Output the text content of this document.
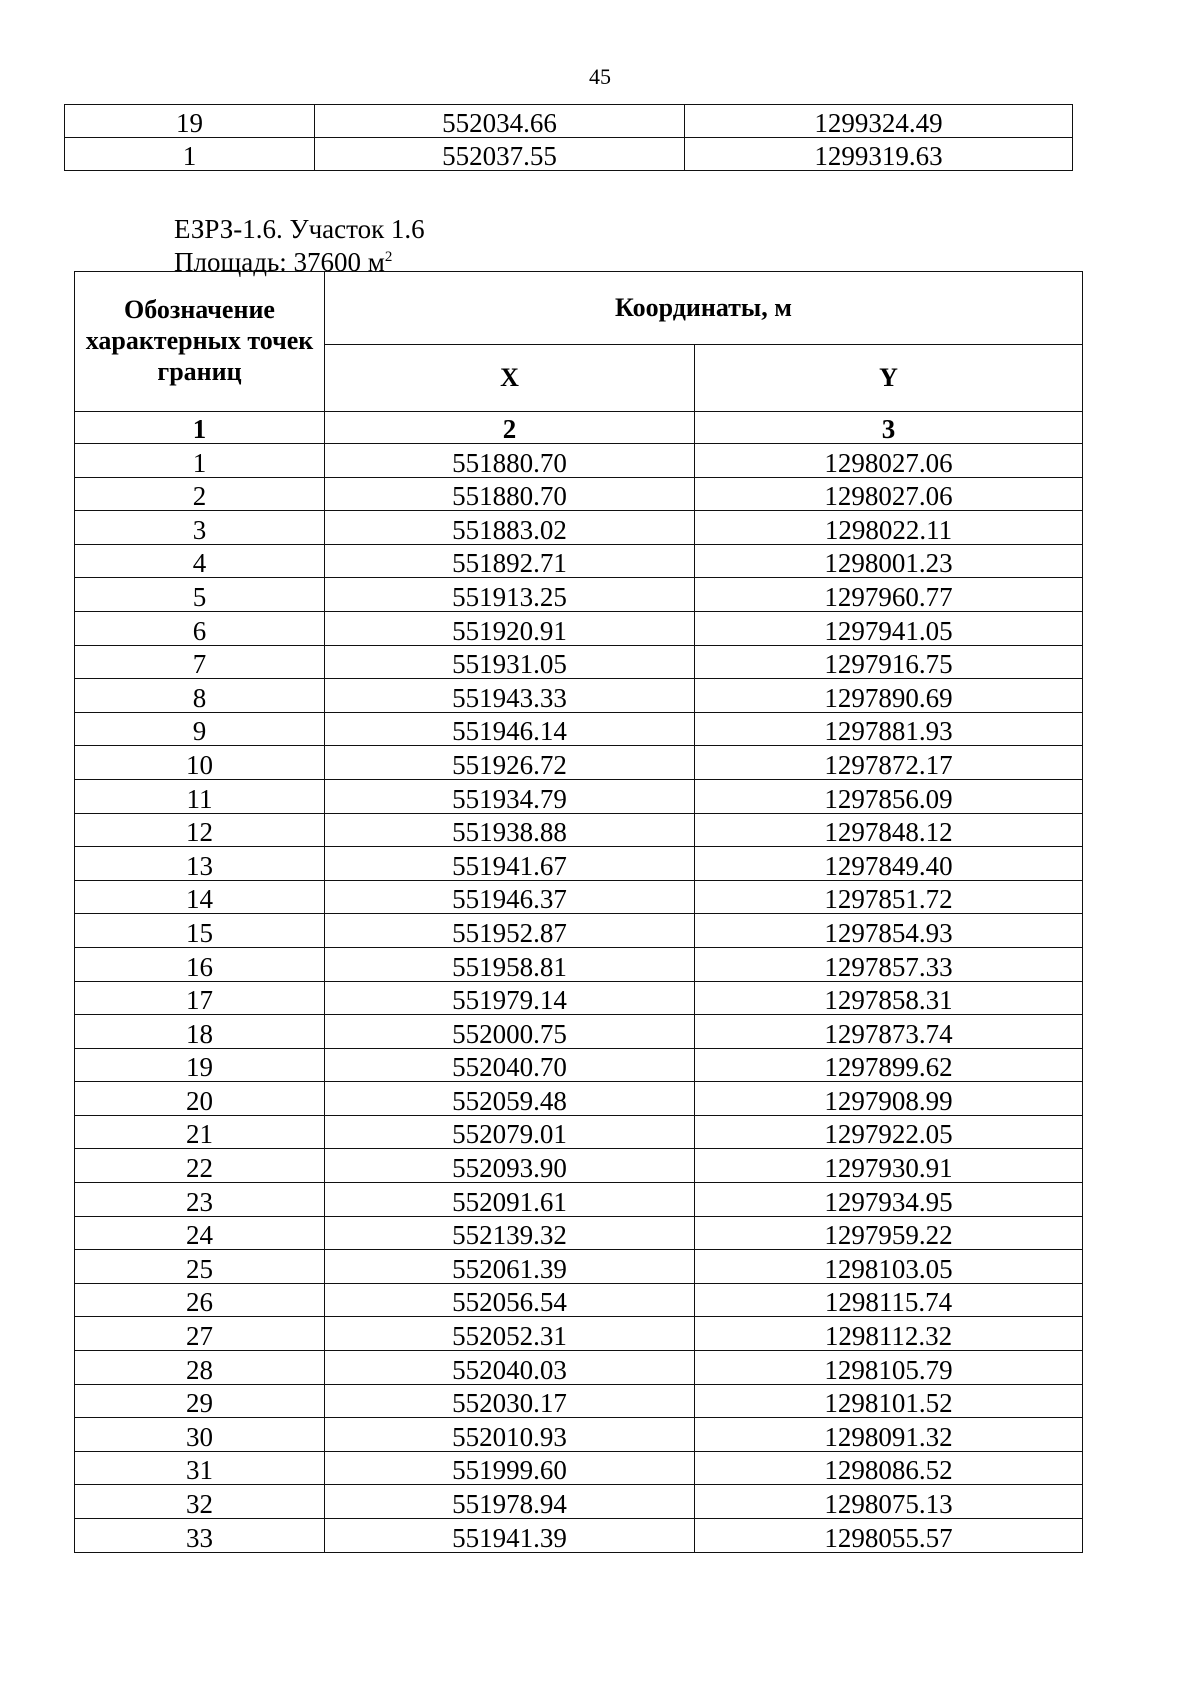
45
19	552034.66	1299324.49
1	552037.55	1299319.63
ЕЗРЗ-1.6. Участок 1.6
Площадь: 37600 $м^2$
Обозначение характерных точек границ	Координаты, м	
	X	Y
1	2	3
1	551880.70	1298027.06
2	551880.70	1298027.06
3	551883.02	1298022.11
4	551892.71	1298001.23
5	551913.25	1297960.77
6	551920.91	1297941.05
7	551931.05	1297916.75
8	551943.33	1297890.69
9	551946.14	1297881.93
10	551926.72	1297872.17
11	551934.79	1297856.09
12	551938.88	1297848.12
13	551941.67	1297849.40
14	551946.37	1297851.72
15	551952.87	1297854.93
16	551958.81	1297857.33
17	551979.14	1297858.31
18	552000.75	1297873.74
19	552040.70	1297899.62
20	552059.48	1297908.99
21	552079.01	1297922.05
22	552093.90	1297930.91
23	552091.61	1297934.95
24	552139.32	1297959.22
25	552061.39	1298103.05
26	552056.54	1298115.74
27	552052.31	1298112.32
28	552040.03	1298105.79
29	552030.17	1298101.52
30	552010.93	1298091.32
31	551999.60	1298086.52
32	551978.94	1298075.13
33	551941.39	1298055.57
